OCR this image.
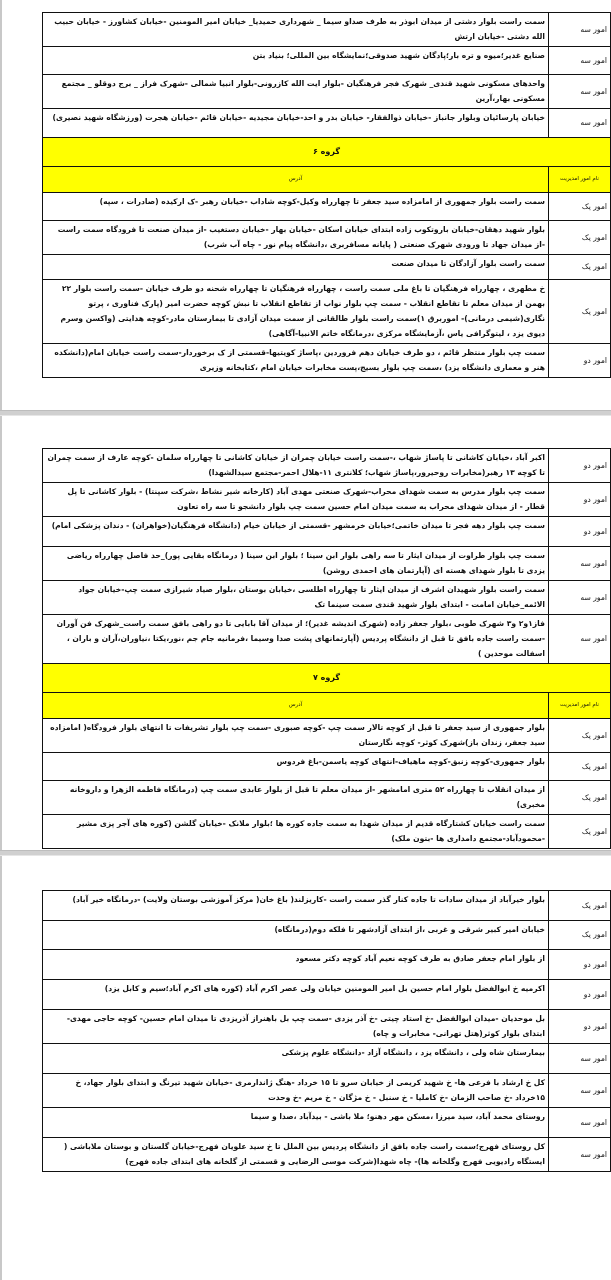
امور سه	سمت راست بلوار دشتی از میدان ابوذر به طرف صداو سیما _ شهرداری حمیدیا_ خیابان امیر المومنین -خیابان کشاورز - خیابان حبیب الله دشتی -خیابان ارتش
امور سه	صنایع غدیر؛میوه و تره بار؛پادگان شهید صدوقی؛نمایشگاه بین المللی؛ بنیاد بتن
امور سه	واحدهای مسکونی شهید قندی_ شهرک فجر فرهنگیان -بلوار ایت الله کازرونی-بلوار انبیا شمالی -شهرک فراز _ برج دوقلو _ مجتمع مسکونی بهار،آرین
امور سه	خیابان پارسائیان وبلوار جانباز -خیابان ذوالفقار- خیابان بدر و احد-خیابان مجیدیه -خیابان قائم -خیابان هجرت (ورزشگاه شهید نصیری)
گروه ۶	
نام امور امدیریت	آدرس
امور یک	سمت راست بلوار جمهوری از امامزاده سید جعفر تا چهارراه وکیل-کوچه شاداب -خیابان رهبر -ک ارکیده (صادرات ، سپه)
امور یک	بلوار شهید دهقان-خیابان باروتکوب زاده ابتدای خیابان اسکان -خیابان بهار -خیابان دستغیب -از میدان صنعت تا فرودگاه سمت راست -از میدان جهاد تا ورودی شهرک صنعتی ( پایانه مسافربری ،دانشگاه پیام نور - چاه آب شرب)
امور یک	سمت راست بلوار آزادگان تا میدان صنعت
امور یک	خ مطهری ، چهارراه فرهنگیان تا باغ ملی سمت راست ، چهارراه فرهنگیان تا چهارراه شحنه دو طرف خیابان -سمت راست بلوار ۲۲ بهمن از میدان معلم تا تقاطع انقلاب - سمت چپ بلوار نواب از تقاطع انقلاب تا نبش کوچه حضرت امیر (پارک فناوری ، پرتو نگاری(شیمی درمانی)- اموربرق ۱)سمت راست بلوار طالقانی از سمت میدان آزادی تا بیمارستان مادر-کوچه هدایتی (واکسن وسرم دیوی یزد ، لیتوگرافی یاس ،آزمایشگاه مرکزی ،درمانگاه خاتم الانبیا-آگاهی)
امور دو	سمت چپ بلوار منتظر قائم ، دو طرف خیابان دهم فروردین ،پاساژ کویتیها-قسمتی از ک برخوردار-سمت راست خیابان امام(دانشکده هنر و معماری دانشگاه یزد) ،سمت چپ بلوار بسیج،پست مخابرات خیابان امام ،کتابخانه وزیری
امور دو	اکبر آباد ،خیابان کاشانی تا پاساژ شهاب ،-سمت راست خیابان چمران از خیابان کاشانی تا چهارراه سلمان -کوچه عارف از سمت چمران تا کوچه ۱۳ رهبر(مخابرات روحیرور،پاساژ شهاب؛ کلانتری ۱۱-هلال احمر-مجتمع سیدالشهدا)
امور دو	سمت چپ بلوار مدرس به سمت شهدای محراب-شهرک صنعتی مهدی آباد (کارخانه شیر نشاط ،شرکت سپنتا) - بلوار کاشانی تا پل قطار - از میدان شهدای محراب به سمت میدان امام حسین سمت چپ بلوار دانشجو تا سه راه تعاون
امور دو	سمت چپ بلوار دهه فجر تا میدان خاتمی؛خیابان خرمشهر -قسمتی از خیابان خیام (دانشگاه فرهنگیان(خواهران) - دندان پزشکی امام)
امور سه	سمت چپ بلوار طراوت از میدان ایثار تا سه راهی بلوار ابن سینا ؛ بلوار ابن سینا ( درمانگاه بقایی پور)_حد فاصل چهارراه ریاضی یزدی تا بلوار شهدای هسته ای (آپارتمان های احمدی روشن)
امور سه	سمت راست بلوار شهیدان اشرف از میدان ایثار تا چهارراه اطلسی ،خیابان بوستان ،بلوار صیاد شیرازی سمت چپ-خیابان جواد الائمه_خیابان امامت - ابتدای بلوار شهید قندی سمت سینما تک
امور سه	فاز۱و۲ و۳ شهرک طوبی ،بلوار جعفر زاده (شهرک اندیشه غدیر)؛ از میدان آقا بابایی تا دو راهی بافق سمت راست_شهرک فن آوران -سمت راست جاده بافق تا قبل از دانشگاه پردیس (آپارتمانهای پشت صدا وسیما ،فرمانیه جام جم ،نور،یکتا ،نیاوران،آران و باران ، اسفالت موحدین )
گروه ۷	
نام امور امدیریت	آدرس
امور یک	بلوار جمهوری از سید جعفر تا قبل از کوچه تالار سمت چپ -کوچه صبوری -سمت چپ بلوار تشریفات تا انتهای بلوار فرودگاه( امامزاده سید جعفر، زندان باز)شهرک کوثر- کوچه نگارستان
امور یک	بلوار جمهوری-کوچه زنبق-کوچه ماهیاف-انتهای کوچه یاسمن-باغ فردوس
امور یک	از میدان انقلاب تا چهارراه ۵۲ متری امامشهر -از میدان معلم تا قبل از بلوار عابدی سمت چپ (درمانگاه فاطمه الزهرا و داروخانه مخبری)
امور یک	سمت راست خیابان کشتارگاه قدیم از میدان شهدا به سمت جاده کوره ها ؛بلوار ملانک -خیابان گلشن (کوره های آجر پزی مشیر -محمودآباد-مجتمع دامداری ها -بتون ملک)
امور یک	بلوار خیرآباد از میدان سادات تا جاده کنار گذر سمت راست -کاریزلند( باغ خان( مرکز آموزشی بوستان ولایت) -درمانگاه خیر آباد)
امور یک	خیابان امیر کبیر شرقی و غربی ،از ابتدای آزادشهر تا فلکه دوم(درمانگاه)
امور دو	از بلوار امام جعفر صادق به طرف کوچه نعیم آباد کوچه دکتر مسعود
امور دو	اکرمیه خ ابوالفضل بلوار امام حسین بل امیر المومنین خیابان ولی عصر اکرم آباد (کوره های اکرم آباد؛سیم و کابل یزد)
امور دو	بل موحدیان -میدان ابوالفضل -خ استاد چیتی -خ آذر یزدی -سمت چپ بل باهنراز آذریزدی تا میدان امام حسین- کوچه حاجی مهدی- ابتدای بلوار کوثر(هتل تهرانی- مخابرات و چاه)
امور سه	بیمارستان شاه ولی ، دانشگاه یزد ، دانشگاه آزاد -دانشگاه علوم پزشکی
امور سه	کل خ ارشاد با فرعی ها- خ شهید کریمی از خیابان سرو تا ۱۵ خرداد -هتگ ژاندارمری -خیابان شهید تیرنگ و ابتدای بلوار جهاد، خ ۱۵خرداد -خ صاحب الزمان -خ کاملیا - خ سنبل - خ مژگان - خ مریم -خ وحدت
امور سه	روستای محمد آباد، سید میرزا ،مسکن مهر دهنو؛ ملا باشی - بیدآباد ،صدا و سیما
امور سه	کل روستای فهرج؛سمت راست جاده بافق از دانشگاه پردیس بین الملل تا خ سید علویان فهرج-خیابان گلستان و بوستان ملاباشی ( ایستگاه رادیویی فهرج وگلخانه ها)- چاه شهدا(شرکت موسی الرضایی و قسمتی از گلخانه های ابتدای جاده فهرج)
